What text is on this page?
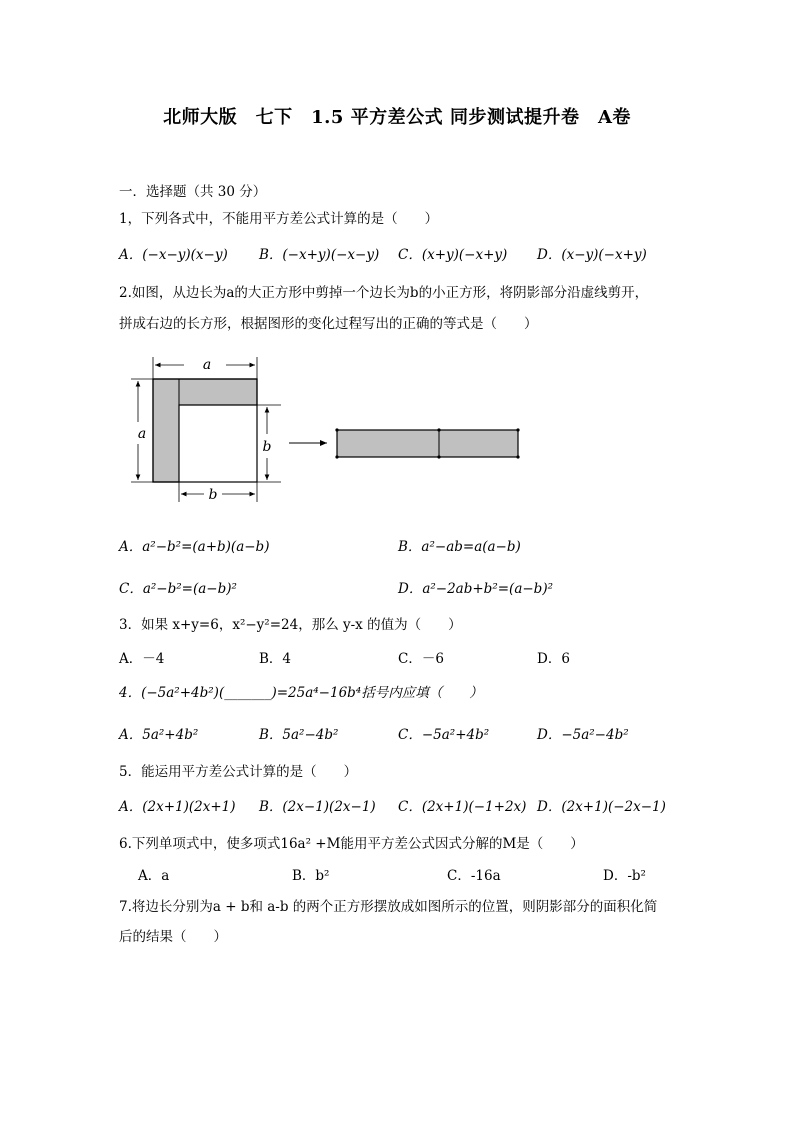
北师大版　七下　1.5 平方差公式 同步测试提升卷　A卷
一．选择题（共 30 分）
1，下列各式中，不能用平方差公式计算的是（　　）
A．(−x−y)(x−y) B．(−x+y)(−x−y) C．(x+y)(−x+y) D．(x−y)(−x+y)
2.如图，从边长为a的大正方形中剪掉一个边长为b的小正方形，将阴影部分沿虚线剪开，
拼成右边的长方形，根据图形的变化过程写出的正确的等式是（　　）
a
a
b
b
A．a²−b²=(a+b)(a−b)	B．a²−ab=a(a−b)
C．a²−b²=(a−b)²	D．a²−2ab+b²=(a−b)²
3．如果 x+y=6，x²−y²=24，那么 y-x 的值为（　　）
A．－4	B．4	C．－6	D．6
4．(−5a²+4b²)(_______)=25a⁴−16b⁴括号内应填（　　）
A．5a²+4b²	B．5a²−4b²	C．−5a²+4b²	D．−5a²−4b²
5．能运用平方差公式计算的是（　　）
A．(2x+1)(2x+1) B．(2x−1)(2x−1) C．(2x+1)(−1+2x) D．(2x+1)(−2x−1)
6.下列单项式中，使多项式16a² +M能用平方差公式因式分解的M是（　　）
A．a	B．b²	C．-16a	D．-b²
7.将边长分别为a + b和 a-b 的两个正方形摆放成如图所示的位置，则阴影部分的面积化简
后的结果（　　）
